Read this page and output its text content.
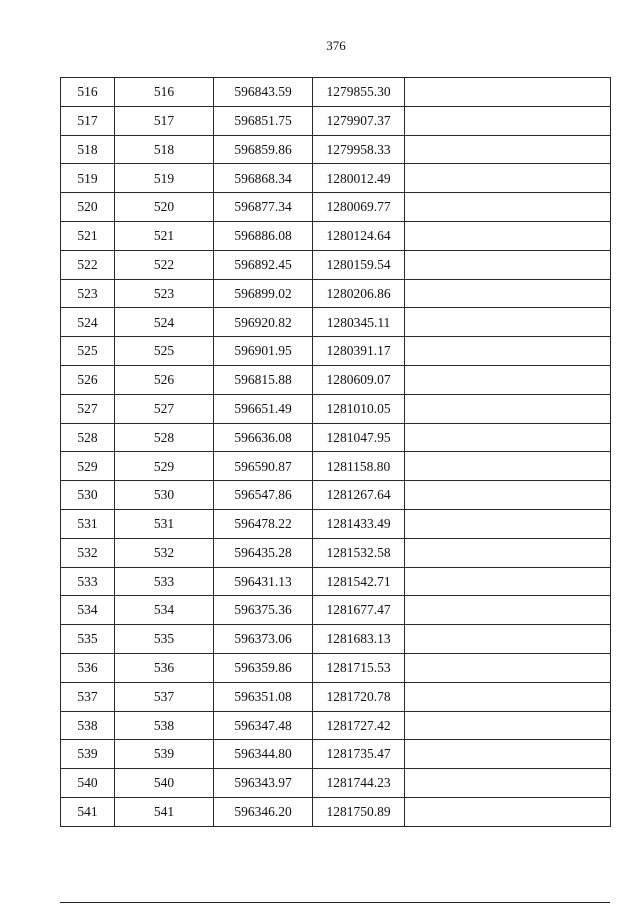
376
516	516	596843.59	1279855.30	
517	517	596851.75	1279907.37	
518	518	596859.86	1279958.33	
519	519	596868.34	1280012.49	
520	520	596877.34	1280069.77	
521	521	596886.08	1280124.64	
522	522	596892.45	1280159.54	
523	523	596899.02	1280206.86	
524	524	596920.82	1280345.11	
525	525	596901.95	1280391.17	
526	526	596815.88	1280609.07	
527	527	596651.49	1281010.05	
528	528	596636.08	1281047.95	
529	529	596590.87	1281158.80	
530	530	596547.86	1281267.64	
531	531	596478.22	1281433.49	
532	532	596435.28	1281532.58	
533	533	596431.13	1281542.71	
534	534	596375.36	1281677.47	
535	535	596373.06	1281683.13	
536	536	596359.86	1281715.53	
537	537	596351.08	1281720.78	
538	538	596347.48	1281727.42	
539	539	596344.80	1281735.47	
540	540	596343.97	1281744.23	
541	541	596346.20	1281750.89	
